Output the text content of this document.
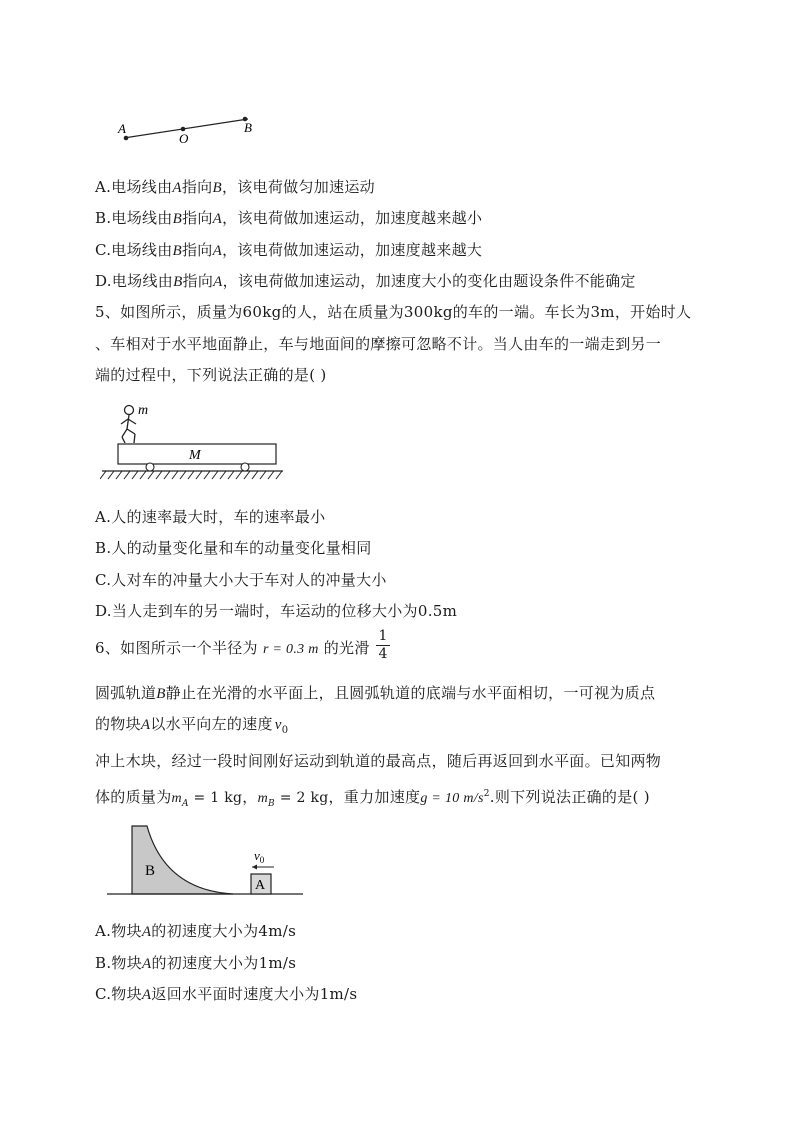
A
O
B
A.电场线由A指向B，该电荷做匀加速运动
B.电场线由B指向A，该电荷做加速运动，加速度越来越小
C.电场线由B指向A，该电荷做加速运动，加速度越来越大
D.电场线由B指向A，该电荷做加速运动，加速度大小的变化由题设条件不能确定
5、如图所示，质量为60kg的人，站在质量为300kg的车的一端。车长为3m，开始时人
、车相对于水平地面静止，车与地面间的摩擦可忽略不计。当人由车的一端走到另一
端的过程中，下列说法正确的是( )
M
m
A.人的速率最大时，车的速率最小
B.人的动量变化量和车的动量变化量相同
C.人对车的冲量大小大于车对人的冲量大小
D.当人走到车的另一端时，车运动的位移大小为0.5m
6、如图所示一个半径为 r = 0.3 m 的光滑
1
4
圆弧轨道B静止在光滑的水平面上，且圆弧轨道的底端与水平面相切，一可视为质点
的物块A以水平向左的速度 $v_0$
冲上木块，经过一段时间刚好运动到轨道的最高点，随后再返回到水平面。已知两物
体的质量为$m_A = 1$ kg，$m_B = 2$ kg，重力加速度g = 10 $m/s^2$.则下列说法正确的是( )
B
A
$v_0$
A.物块A的初速度大小为4m/s
B.物块A的初速度大小为1m/s
C.物块A返回水平面时速度大小为1m/s
